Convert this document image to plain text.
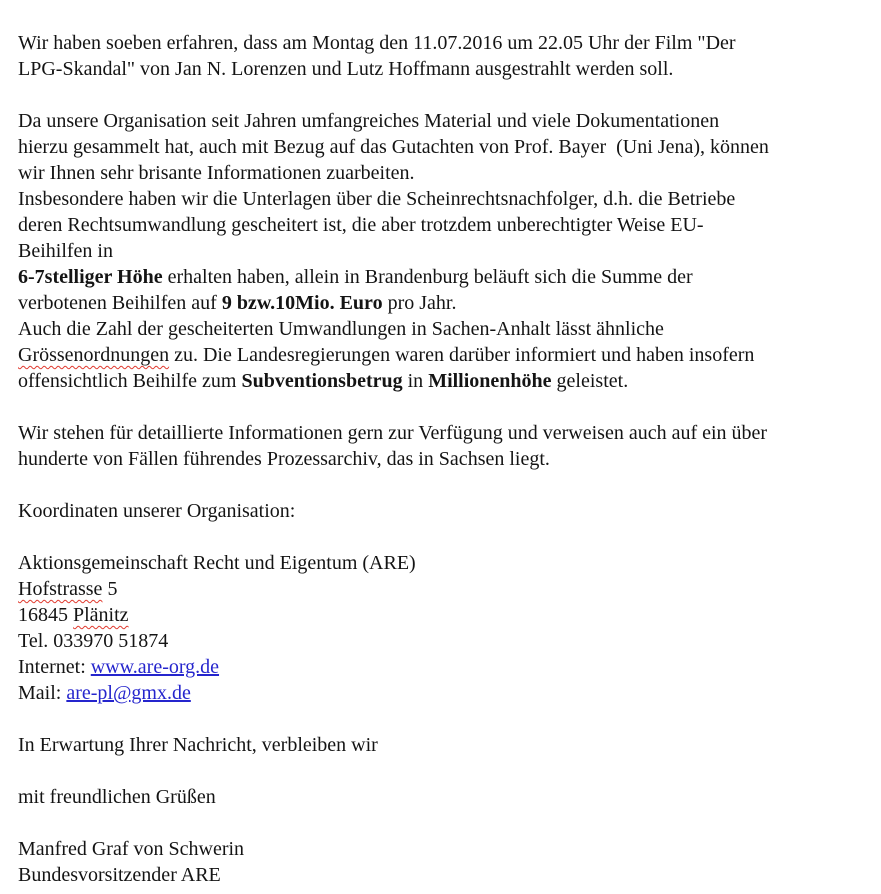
Wir haben soeben erfahren, dass am Montag den 11.07.2016 um 22.05 Uhr der Film "Der
LPG-Skandal" von Jan N. Lorenzen und Lutz Hoffmann ausgestrahlt werden soll.
Da unsere Organisation seit Jahren umfangreiches Material und viele Dokumentationen
hierzu gesammelt hat, auch mit Bezug auf das Gutachten von Prof. Bayer  (Uni Jena), können
wir Ihnen sehr brisante Informationen zuarbeiten.
Insbesondere haben wir die Unterlagen über die Scheinrechtsnachfolger, d.h. die Betriebe
deren Rechtsumwandlung gescheitert ist, die aber trotzdem unberechtigter Weise EU-
Beihilfen in
6-7stelliger Höhe erhalten haben, allein in Brandenburg beläuft sich die Summe der
verbotenen Beihilfen auf 9 bzw.10Mio. Euro pro Jahr.
Auch die Zahl der gescheiterten Umwandlungen in Sachen-Anhalt lässt ähnliche
Grössenordnungen zu. Die Landesregierungen waren darüber informiert und haben insofern
offensichtlich Beihilfe zum Subventionsbetrug in Millionenhöhe geleistet.
Wir stehen für detaillierte Informationen gern zur Verfügung und verweisen auch auf ein über
hunderte von Fällen führendes Prozessarchiv, das in Sachsen liegt.
Koordinaten unserer Organisation:
Aktionsgemeinschaft Recht und Eigentum (ARE)
Hofstrasse 5
16845 Plänitz
Tel. 033970 51874
Internet: www.are-org.de
Mail: are-pl@gmx.de
In Erwartung Ihrer Nachricht, verbleiben wir
mit freundlichen Grüßen
Manfred Graf von Schwerin
Bundesvorsitzender ARE
